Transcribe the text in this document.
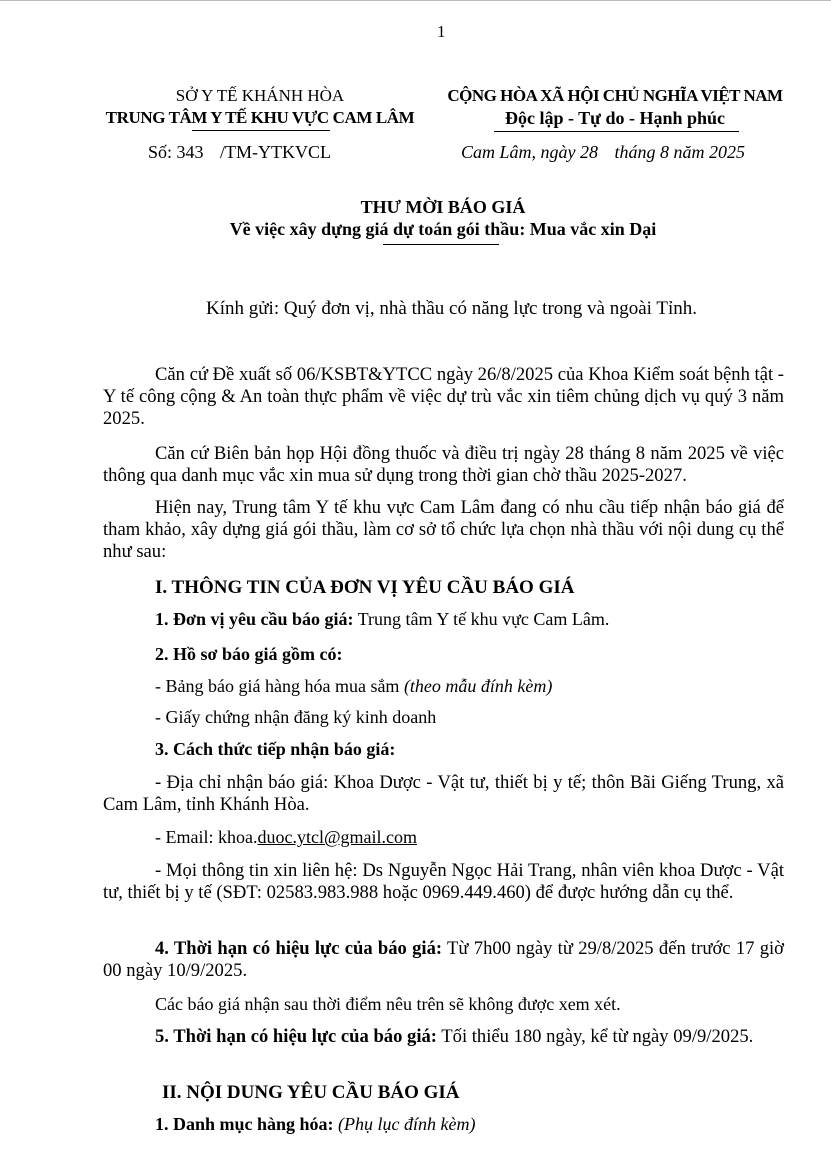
1
SỞ Y TẾ KHÁNH HÒA
TRUNG TÂM Y TẾ KHU VỰC CAM LÂM
Số: 343 /TM-YTKVCL
CỘNG HÒA XÃ HỘI CHỦ NGHĨA VIỆT NAM
Độc lập - Tự do - Hạnh phúc
Cam Lâm, ngày 28 tháng 8 năm 2025
THƯ MỜI BÁO GIÁ
Về việc xây dựng giá dự toán gói thầu: Mua vắc xin Dại
Kính gửi: Quý đơn vị, nhà thầu có năng lực trong và ngoài Tỉnh.
Căn cứ Đề xuất số 06/KSBT&YTCC ngày 26/8/2025 của Khoa Kiểm soát bệnh tật - Y tế công cộng & An toàn thực phẩm về việc dự trù vắc xin tiêm chủng dịch vụ quý 3 năm 2025.
Căn cứ Biên bản họp Hội đồng thuốc và điều trị ngày 28 tháng 8 năm 2025 về việc thông qua danh mục vắc xin mua sử dụng trong thời gian chờ thầu 2025-2027.
Hiện nay, Trung tâm Y tế khu vực Cam Lâm đang có nhu cầu tiếp nhận báo giá để tham khảo, xây dựng giá gói thầu, làm cơ sở tổ chức lựa chọn nhà thầu với nội dung cụ thể như sau:
I. THÔNG TIN CỦA ĐƠN VỊ YÊU CẦU BÁO GIÁ
1. Đơn vị yêu cầu báo giá: Trung tâm Y tế khu vực Cam Lâm.
2. Hồ sơ báo giá gồm có:
- Bảng báo giá hàng hóa mua sắm (theo mẫu đính kèm)
- Giấy chứng nhận đăng ký kinh doanh
3. Cách thức tiếp nhận báo giá:
- Địa chỉ nhận báo giá: Khoa Dược - Vật tư, thiết bị y tế; thôn Bãi Giếng Trung, xã Cam Lâm, tỉnh Khánh Hòa.
- Email: khoa.duoc.ytcl@gmail.com
- Mọi thông tin xin liên hệ: Ds Nguyễn Ngọc Hải Trang, nhân viên khoa Dược - Vật tư, thiết bị y tế (SĐT: 02583.983.988 hoặc 0969.449.460) để được hướng dẫn cụ thể.
4. Thời hạn có hiệu lực của báo giá: Từ 7h00 ngày từ 29/8/2025 đến trước 17 giờ 00 ngày 10/9/2025.
Các báo giá nhận sau thời điểm nêu trên sẽ không được xem xét.
5. Thời hạn có hiệu lực của báo giá: Tối thiểu 180 ngày, kể từ ngày 09/9/2025.
II. NỘI DUNG YÊU CẦU BÁO GIÁ
1. Danh mục hàng hóa: (Phụ lục đính kèm)
